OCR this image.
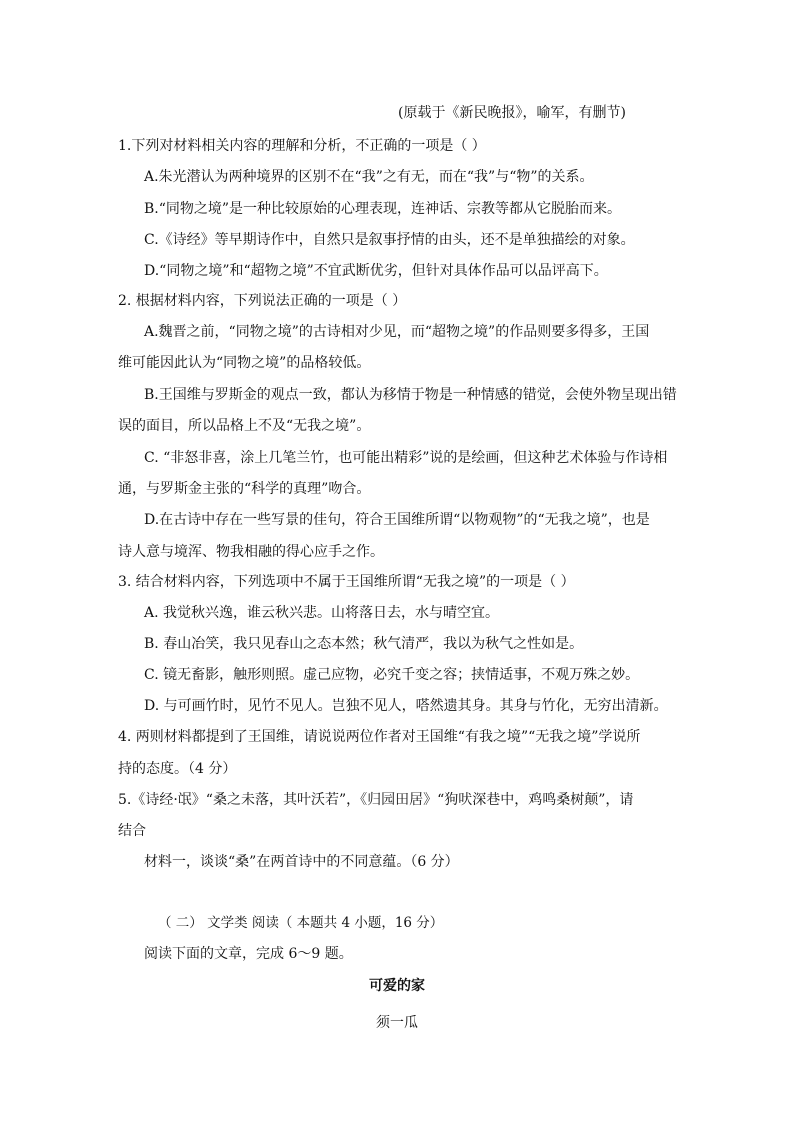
(原载于《新民晚报》，喻军，有删节)
1.下列对材料相关内容的理解和分析，不正确的一项是（ ）
A.朱光潜认为两种境界的区别不在“我”之有无，而在“我”与“物”的关系。
B.“同物之境”是一种比较原始的心理表现，连神话、宗教等都从它脱胎而来。
C.《诗经》等早期诗作中，自然只是叙事抒情的由头，还不是单独描绘的对象。
D.“同物之境”和“超物之境”不宜武断优劣，但针对具体作品可以品评高下。
2. 根据材料内容，下列说法正确的一项是（ ）
A.魏晋之前，“同物之境”的古诗相对少见，而“超物之境”的作品则要多得多，王国
维可能因此认为“同物之境”的品格较低。
B.王国维与罗斯金的观点一致，都认为移情于物是一种情感的错觉，会使外物呈现出错
误的面目，所以品格上不及“无我之境”。
C. “非怒非喜，涂上几笔兰竹，也可能出精彩”说的是绘画，但这种艺术体验与作诗相
通，与罗斯金主张的“科学的真理”吻合。
D.在古诗中存在一些写景的佳句，符合王国维所谓“以物观物”的“无我之境”，也是
诗人意与境浑、物我相融的得心应手之作。
3. 结合材料内容，下列选项中不属于王国维所谓“无我之境”的一项是（ ）
A. 我觉秋兴逸，谁云秋兴悲。山将落日去，水与晴空宜。
B. 春山冶笑，我只见春山之态本然；秋气清严，我以为秋气之性如是。
C. 镜无畜影，触形则照。虚己应物，必究千变之容；挟情适事，不观万殊之妙。
D. 与可画竹时，见竹不见人。岂独不见人，嗒然遗其身。其身与竹化，无穷出清新。
4. 两则材料都提到了王国维，请说说两位作者对王国维“有我之境”“无我之境”学说所
持的态度。（4 分）
5.《诗经·氓》“桑之未落，其叶沃若”，《归园田居》“狗吠深巷中，鸡鸣桑树颠”，请
结合
材料一，谈谈“桑”在两首诗中的不同意蕴。（6 分）
（ 二） 文学类 阅读（ 本题共 4 小题，16 分）
阅读下面的文章，完成 6～9 题。
可爱的家
须一瓜
